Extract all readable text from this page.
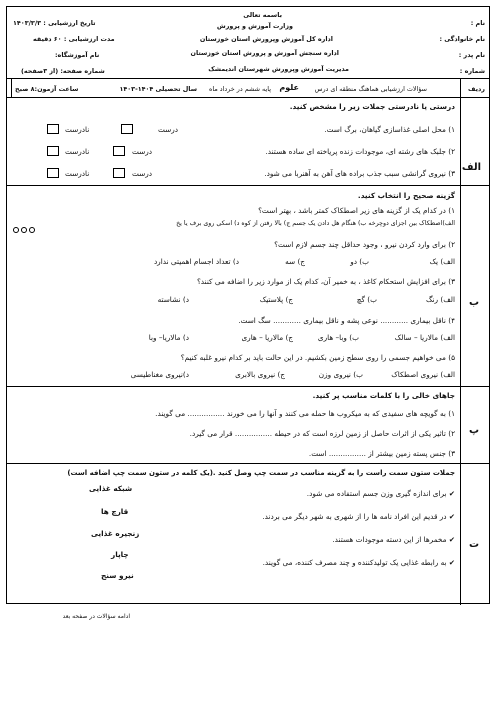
باسمه تعالی
وزارت آموزش و پرورش
اداره کل آموزش وپرورش استان خوزستان
اداره سنجش آموزش و پرورش استان خوزستان
مدیریت آموزش وپرورش شهرستان اندیمشک
نام :
نام خانوادگی :
نام پدر :
شماره :
تاریخ ارزشیابی : ۱۴۰۳/۳/۳
مدت ارزشیابی : ۶۰ دقیقه
نام آموزشگاه:
شماره صفحه: (از ۳صفحه)
ردیف
سؤالات ارزشیابی هماهنگ منطقه ای درس
علوم
پایه ششم در خرداد ماه
سال تحصیلی ۱۴۰۴-۱۴۰۳
ساعت آزمون:۸ صبح
الف
درستی یا نادرستی جملات زیر را مشخص کنید.
۱) محل اصلی غذاسازی گیاهان، برگ است.
درست
نادرست
۲) جلبک های رشته ای، موجودات زنده پریاخته ای ساده هستند.
درست
نادرست
۳) نیروی گرانشی سبب جذب براده های آهن به آهنربا می شود.
درست
نادرست
ب
گزینه صحیح را انتخاب کنید.
۱) در کدام یک از گزینه های زیر اصطکاک کمتر باشد ، بهتر است؟
الف)اصطکاک بین اجزای دوچرخه ب) هنگام هل دادن یک جسم ج) بالا رفتن از کوه د) اسکی روی برف یا یخ
۲) برای وارد کردن نیرو ، وجود حداقل چند جسم لازم است؟
الف) یک
ب) دو
ج) سه
د) تعداد اجسام اهمیتی ندارد
۳) برای افزایش استحکام کاغذ ، به خمیر آن، کدام یک از موارد زیر را اضافه می کنند؟
الف) رنگ
ب) گچ
ج) پلاستیک
د) نشاسته
۴) ناقل بیماری ............ نوعی پشه و ناقل بیماری ............ سگ است.
الف) مالاریا – سالک
ب) وبا– هاری
ج) مالاریا – هاری
د) مالاریا– وبا
۵) می خواهیم جسمی را روی سطح زمین بکشیم. در این حالت باید بر کدام نیرو غلبه کنیم؟
الف) نیروی اصطکاک
ب) نیروی وزن
ج) نیروی بالابری
د)نیروی مغناطیسی
پ
جاهای خالی را با کلمات مناسب پر کنید.
۱) به گویچه های سفیدی که به میکروب ها حمله می کنند و آنها را می خورند ................ می گویند.
۲) تاثیر یکی از اثرات حاصل از زمین لرزه است که در حیطه ................ قرار می گیرد.
۳) جنس پسته زمین بیشتر از ................ است.
ت
جملات ستون سمت راست را به گزینه مناسب در سمت چپ وصل کنید .(یک کلمه در ستون سمت چپ اضافه است)
✔ برای اندازه گیری وزن جسم استفاده می شود.
✔ در قدیم این افراد نامه ها را از شهری به شهر دیگر می بردند.
✔ مخمرها از این دسته موجودات هستند.
✔ به رابطه غذایی یک تولیدکننده و چند مصرف کننده، می گویند.
شبکه غذایی
قارچ ها
زنجیره غذایی
چاپار
نیرو سنج
ادامه سؤالات در صفحه بعد
